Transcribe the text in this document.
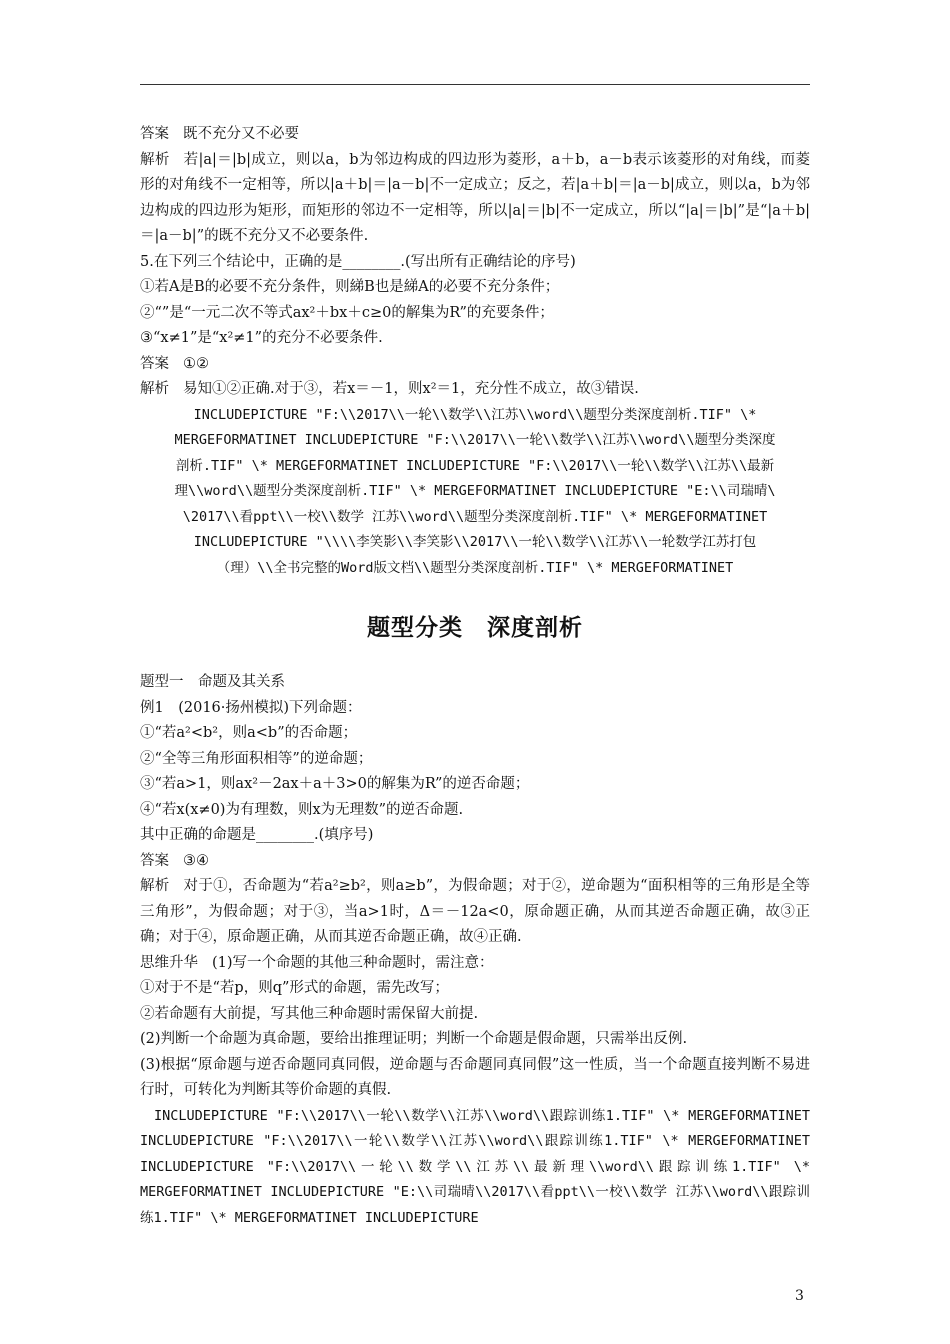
答案 既不充分又不必要

解析 若|a|＝|b|成立，则以a，b为邻边构成的四边形为菱形，a＋b，a－b表示该菱形的对角线，而菱形的对角线不一定相等，所以|a＋b|＝|a－b|不一定成立；反之，若|a＋b|＝|a－b|成立，则以a，b为邻边构成的四边形为矩形，而矩形的邻边不一定相等，所以|a|＝|b|不一定成立，所以“|a|＝|b|”是“|a＋b|＝|a－b|”的既不充分又不必要条件.

5.在下列三个结论中，正确的是________.(写出所有正确结论的序号)

①若A是B的必要不充分条件，则綈B也是綈A的必要不充分条件；

②“”是“一元二次不等式ax²＋bx＋c≥0的解集为R”的充要条件；

③“x≠1”是“x²≠1”的充分不必要条件.

答案 ①②

解析 易知①②正确.对于③，若x＝－1，则x²＝1，充分性不成立，故③错误.

INCLUDEPICTURE "F:\\2017\\一轮\\数学\\江苏\\word\\题型分类深度剖析.TIF" \*

MERGEFORMATINET INCLUDEPICTURE "F:\\2017\\一轮\\数学\\江苏\\word\\题型分类深度

剖析.TIF" \* MERGEFORMATINET INCLUDEPICTURE "F:\\2017\\一轮\\数学\\江苏\\最新

理\\word\\题型分类深度剖析.TIF" \* MERGEFORMATINET INCLUDEPICTURE "E:\\司瑞晴\

\2017\\看ppt\\一校\\数学 江苏\\word\\题型分类深度剖析.TIF" \* MERGEFORMATINET

INCLUDEPICTURE "\\\\李笑影\\李笑影\\2017\\一轮\\数学\\江苏\\一轮数学江苏打包

（理）\\全书完整的Word版文档\\题型分类深度剖析.TIF" \* MERGEFORMATINET

题型分类　深度剖析

题型一　命题及其关系

例1　(2016·扬州模拟)下列命题：

①“若a²<b²，则a<b”的否命题；

②“全等三角形面积相等”的逆命题；

③“若a>1，则ax²－2ax＋a＋3>0的解集为R”的逆否命题；

④“若x(x≠0)为有理数，则x为无理数”的逆否命题.

其中正确的命题是________.(填序号)

答案 ③④

解析 对于①，否命题为“若a²≥b²，则a≥b”，为假命题；对于②，逆命题为“面积相等的三角形是全等三角形”，为假命题；对于③，当a>1时，Δ＝－12a<0，原命题正确，从而其逆否命题正确，故③正确；对于④，原命题正确，从而其逆否命题正确，故④正确.

思维升华 (1)写一个命题的其他三种命题时，需注意：

①对于不是“若p，则q”形式的命题，需先改写；

②若命题有大前提，写其他三种命题时需保留大前提.

(2)判断一个命题为真命题，要给出推理证明；判断一个命题是假命题，只需举出反例.

(3)根据“原命题与逆否命题同真同假，逆命题与否命题同真同假”这一性质，当一个命题直接判断不易进行时，可转化为判断其等价命题的真假.

INCLUDEPICTURE "F:\\2017\\一轮\\数学\\江苏\\word\\跟踪训练1.TIF" \* MERGEFORMATINET INCLUDEPICTURE "F:\\2017\\一轮\\数学\\江苏\\word\\跟踪训练1.TIF" \* MERGEFORMATINET INCLUDEPICTURE "F:\\2017\\一轮\\数学\\江苏\\最新理\\word\\跟踪训练1.TIF" \* MERGEFORMATINET INCLUDEPICTURE "E:\\司瑞晴\\2017\\看ppt\\一校\\数学 江苏\\word\\跟踪训练1.TIF" \* MERGEFORMATINET INCLUDEPICTURE

3
